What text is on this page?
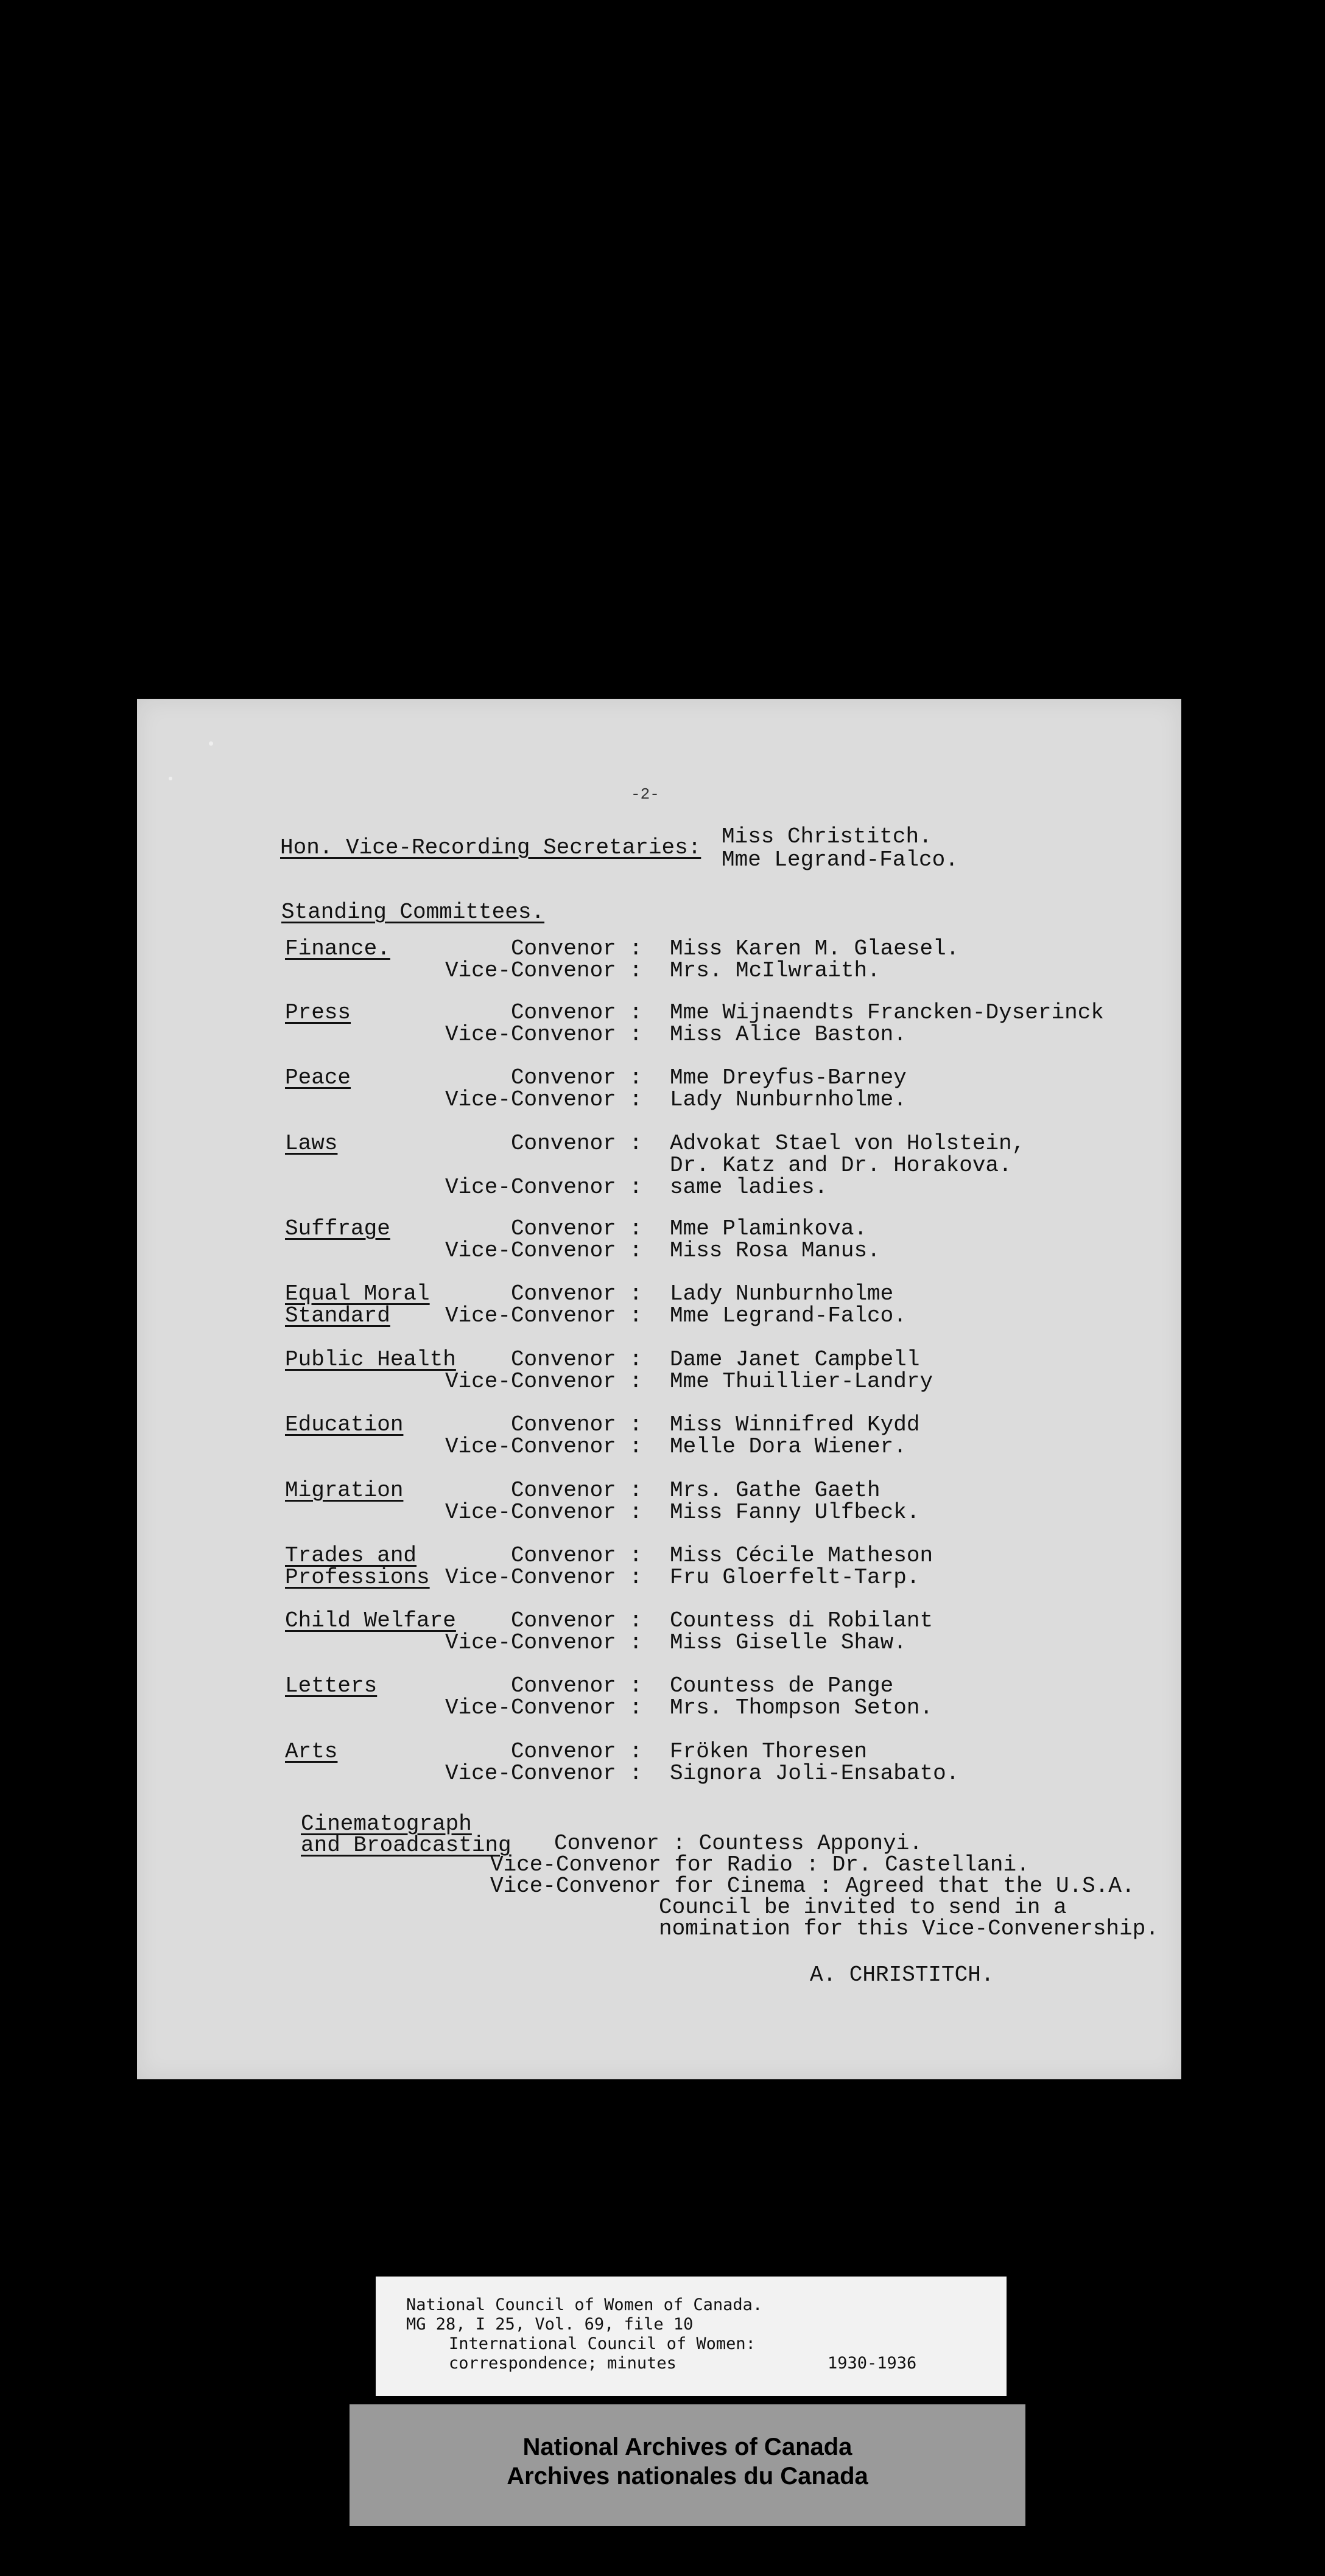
-2-
Hon. Vice-Recording Secretaries: Miss Christitch.
Mme Legrand-Falco.
Standing Committees.
Finance.	Convenor : Miss Karen M. Glaesel.
Vice-Convenor : Mrs. McIlwraith.
Press	Convenor : Mme Wijnaendts Francken-Dyserinck
Vice-Convenor : Miss Alice Baston.
Peace	Convenor : Mme Dreyfus-Barney
Vice-Convenor : Lady Nunburnholme.
Laws	Convenor : Advokat Stael von Holstein,
Dr. Katz and Dr. Horakova.
Vice-Convenor : same ladies.
Suffrage	Convenor : Mme Plaminkova.
Vice-Convenor : Miss Rosa Manus.
Equal Moral
Standard
Convenor : Lady Nunburnholme
Vice-Convenor : Mme Legrand-Falco.
Public Health	Convenor : Dame Janet Campbell
Vice-Convenor : Mme Thuillier-Landry
Education	Convenor : Miss Winnifred Kydd
Vice-Convenor : Melle Dora Wiener.
Migration	Convenor : Mrs. Gathe Gaeth
Vice-Convenor : Miss Fanny Ulfbeck.
Trades and
Professions
Convenor : Miss Cécile Matheson
Vice-Convenor : Fru Gloerfelt-Tarp.
Child Welfare	Convenor : Countess di Robilant
Vice-Convenor : Miss Giselle Shaw.
Letters	Convenor : Countess de Pange
Vice-Convenor : Mrs. Thompson Seton.
Arts	Convenor : Fröken Thoresen
Vice-Convenor : Signora Joli-Ensabato.
Cinematograph
and Broadcasting Convenor : Countess Apponyi.
Vice-Convenor for Radio : Dr. Castellani.
Vice-Convenor for Cinema : Agreed that the U.S.A.
Council be invited to send in a
nomination for this Vice-Convenership.
A. CHRISTITCH.
National Council of Women of Canada.
MG 28, I 25, Vol. 69, file 10
International Council of Women:
correspondence; minutes	1930-1936
National Archives of Canada
Archives nationales du Canada
